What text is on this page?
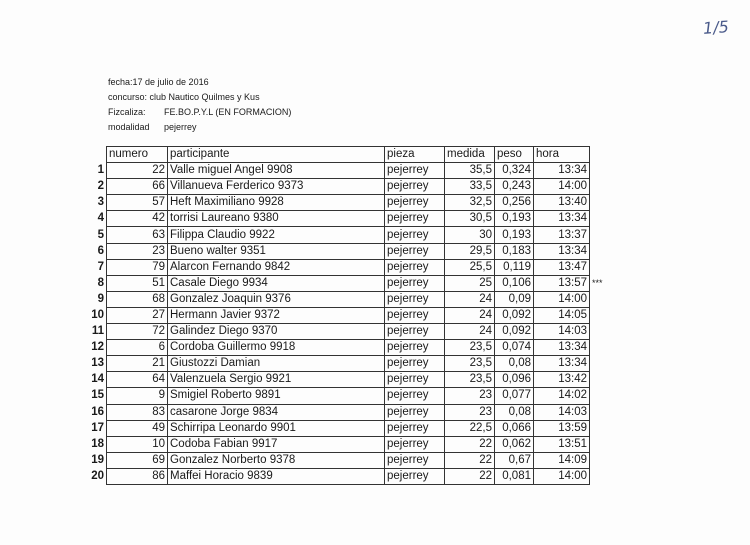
1/5
fecha:17 de julio de 2016
concurso: club Nautico Quilmes y Kus
Fizcaliza: FE.BO.P.Y.L (EN FORMACION)
modalidad pejerrey
	numero	participante	pieza	medida	peso	hora	
1	22	Valle miguel Angel 9908	pejerrey	35,5	0,324	13:34	
2	66	Villanueva Ferderico 9373	pejerrey	33,5	0,243	14:00	
3	57	Heft Maximiliano 9928	pejerrey	32,5	0,256	13:40	
4	42	torrisi Laureano 9380	pejerrey	30,5	0,193	13:34	
5	63	Filippa Claudio 9922	pejerrey	30	0,193	13:37	
6	23	Bueno walter 9351	pejerrey	29,5	0,183	13:34	
7	79	Alarcon Fernando 9842	pejerrey	25,5	0,119	13:47	
8	51	Casale Diego 9934	pejerrey	25	0,106	13:57	***
9	68	Gonzalez Joaquin 9376	pejerrey	24	0,09	14:00	
10	27	Hermann Javier 9372	pejerrey	24	0,092	14:05	
11	72	Galindez Diego 9370	pejerrey	24	0,092	14:03	
12	6	Cordoba Guillermo 9918	pejerrey	23,5	0,074	13:34	
13	21	Giustozzi Damian	pejerrey	23,5	0,08	13:34	
14	64	Valenzuela Sergio 9921	pejerrey	23,5	0,096	13:42	
15	9	Smigiel Roberto 9891	pejerrey	23	0,077	14:02	
16	83	casarone Jorge 9834	pejerrey	23	0,08	14:03	
17	49	Schirripa Leonardo 9901	pejerrey	22,5	0,066	13:59	
18	10	Codoba Fabian 9917	pejerrey	22	0,062	13:51	
19	69	Gonzalez Norberto 9378	pejerrey	22	0,67	14:09	
20	86	Maffei Horacio 9839	pejerrey	22	0,081	14:00	
